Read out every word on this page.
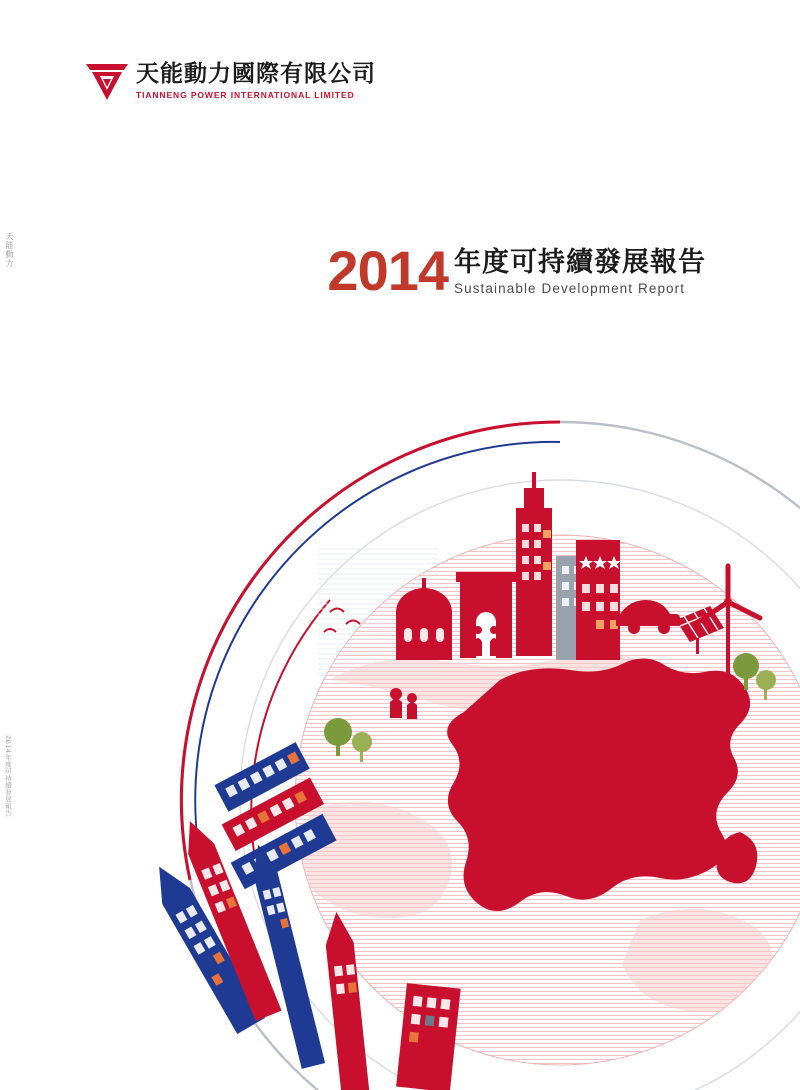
天能動力國際有限公司
TIANNENG POWER INTERNATIONAL LIMITED
2014 年度可持續發展報告
Sustainable Development Report
天能動力
2014年度可持續發展報告
